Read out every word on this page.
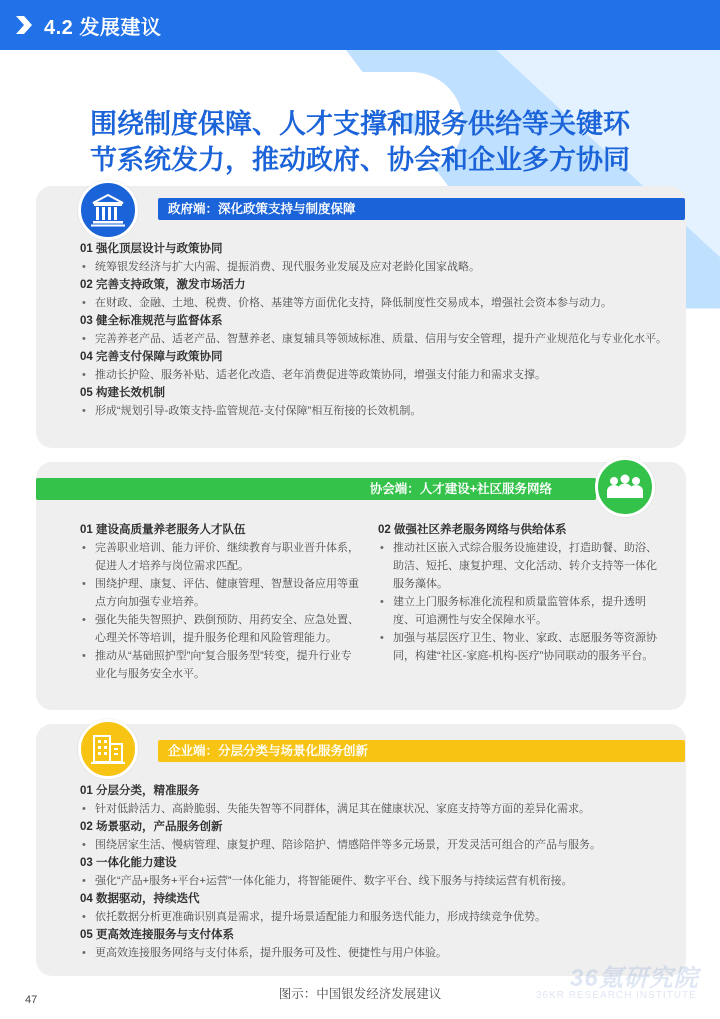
4.2 发展建议
围绕制度保障、人才支撑和服务供给等关键环
节系统发力，推动政府、协会和企业多方协同
政府端：深化政策支持与制度保障
01 强化顶层设计与政策协同
• 统筹银发经济与扩大内需、提振消费、现代服务业发展及应对老龄化国家战略。
02 完善支持政策，激发市场活力
• 在财政、金融、土地、税费、价格、基建等方面优化支持，降低制度性交易成本，增强社会资本参与动力。
03 健全标准规范与监督体系
• 完善养老产品、适老产品、智慧养老、康复辅具等领域标准、质量、信用与安全管理，提升产业规范化与专业化水平。
04 完善支付保障与政策协同
• 推动长护险、服务补贴、适老化改造、老年消费促进等政策协同，增强支付能力和需求支撑。
05 构建长效机制
• 形成“规划引导-政策支持-监管规范-支付保障”相互衔接的长效机制。
协会端：人才建设+社区服务网络
01 建设高质量养老服务人才队伍
• 完善职业培训、能力评价、继续教育与职业晋升体系，促进人才培养与岗位需求匹配。
• 围绕护理、康复、评估、健康管理、智慧设备应用等重点方向加强专业培养。
• 强化失能失智照护、跌倒预防、用药安全、应急处置、心理关怀等培训，提升服务伦理和风险管理能力。
• 推动从“基础照护型”向“复合服务型”转变，提升行业专业化与服务安全水平。
02 做强社区养老服务网络与供给体系
• 推动社区嵌入式综合服务设施建设，打造助餐、助浴、助洁、短托、康复护理、文化活动、转介支持等一体化服务藻体。
• 建立上门服务标准化流程和质量监管体系，提升透明度、可追溯性与安全保障水平。
• 加强与基层医疗卫生、物业、家政、志愿服务等资源协同，构建“社区-家庭-机构-医疗”协同联动的服务平台。
企业端：分层分类与场景化服务创新
01 分层分类，精准服务
• 针对低龄活力、高龄脆弱、失能失智等不同群体，满足其在健康状况、家庭支持等方面的差异化需求。
02 场景驱动，产品服务创新
• 围绕居家生活、慢病管理、康复护理、陪诊陪护、情感陪伴等多元场景，开发灵活可组合的产品与服务。
03 一体化能力建设
• 强化“产品+服务+平台+运营”一体化能力，将智能硬件、数字平台、线下服务与持续运营有机衔接。
04 数据驱动，持续迭代
• 依托数据分析更准确识别真是需求，提升场景适配能力和服务迭代能力，形成持续竞争优势。
05 更高效连接服务与支付体系
• 更高效连接服务网络与支付体系，提升服务可及性、便捷性与用户体验。
36氪研究院
36KR RESEARCH INSTITUTE
图示：中国银发经济发展建议
47
